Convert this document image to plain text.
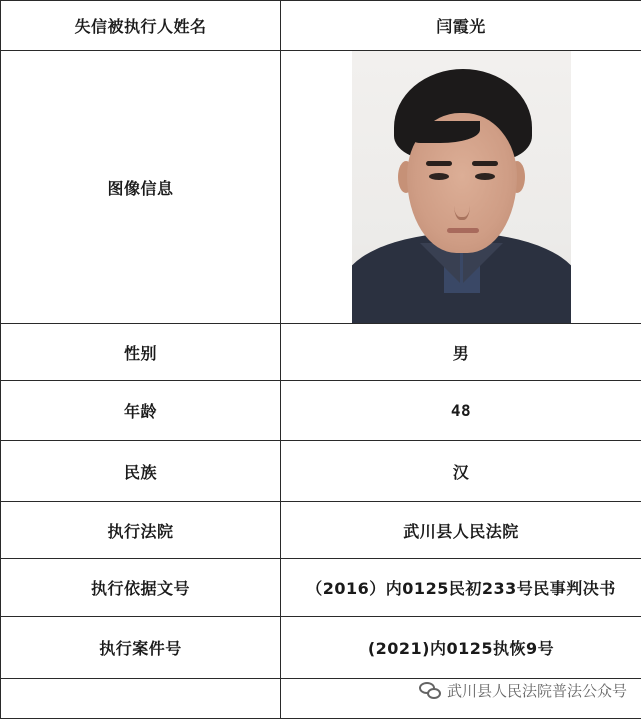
失信被执行人姓名	闫霞光
图像信息	

性别	男
年龄	48
民族	汉
执行法院	武川县人民法院
执行依据文号	（2016）内0125民初233号民事判决书
执行案件号	(2021)内0125执恢9号

武川县人民法院普法公众号
